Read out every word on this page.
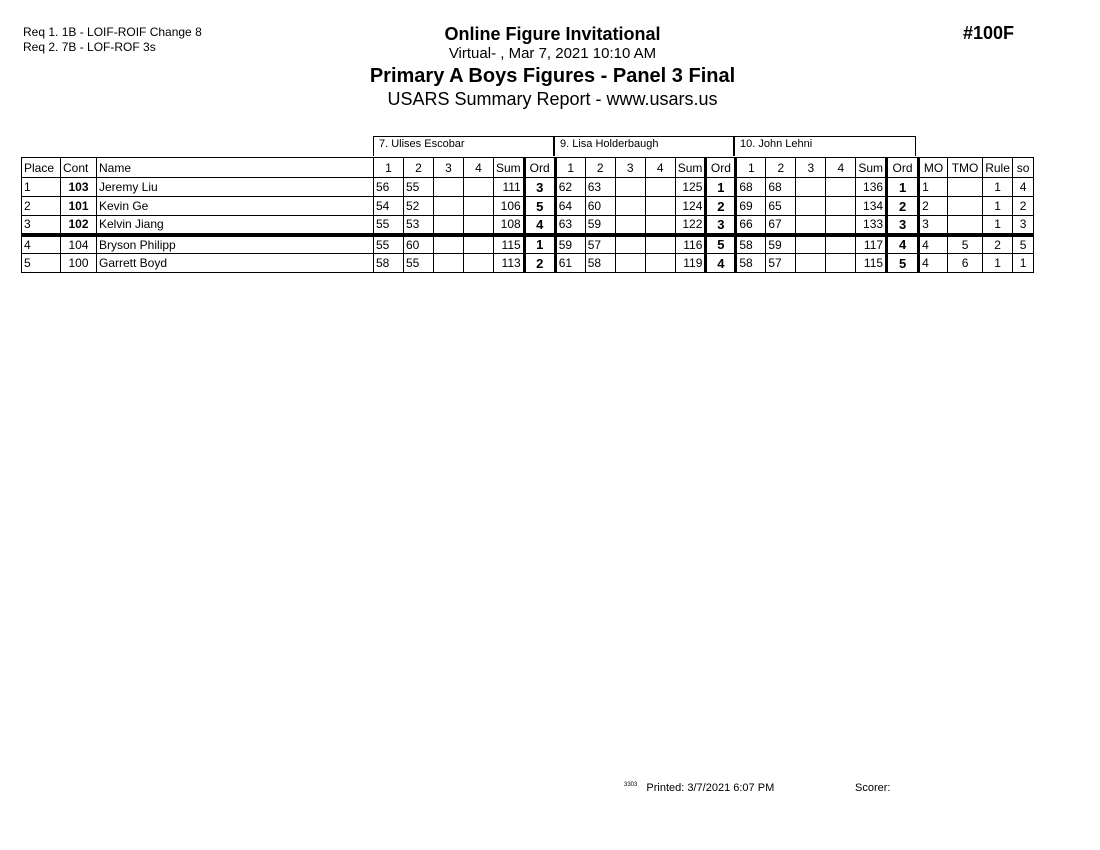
Req 1. 1B - LOIF-ROIF Change 8
Req 2. 7B - LOF-ROF 3s
Online Figure Invitational
Virtual- , Mar 7, 2021 10:10 AM
Primary A Boys Figures - Panel 3 Final
USARS Summary Report - www.usars.us
#100F
7. Ulises Escobar	9. Lisa Holderbaugh	10. John Lehni
Place	Cont	Name	1	2	3	4	Sum	Ord	1	2	3	4	Sum	Ord	1	2	3	4	Sum	Ord	MO	TMO	Rule	so
1	103	Jeremy Liu	56	55			111	3	62	63			125	1	68	68			136	1	1		1	4
2	101	Kevin Ge	54	52			106	5	64	60			124	2	69	65			134	2	2		1	2
3	102	Kelvin Jiang	55	53			108	4	63	59			122	3	66	67			133	3	3		1	3
4	104	Bryson Philipp	55	60			115	1	59	57			116	5	58	59			117	4	4	5	2	5
5	100	Garrett Boyd	58	55			113	2	61	58			119	4	58	57			115	5	4	6	1	1
$^{3303}$ Printed: 3/7/2021 6:07 PM	Scorer:
